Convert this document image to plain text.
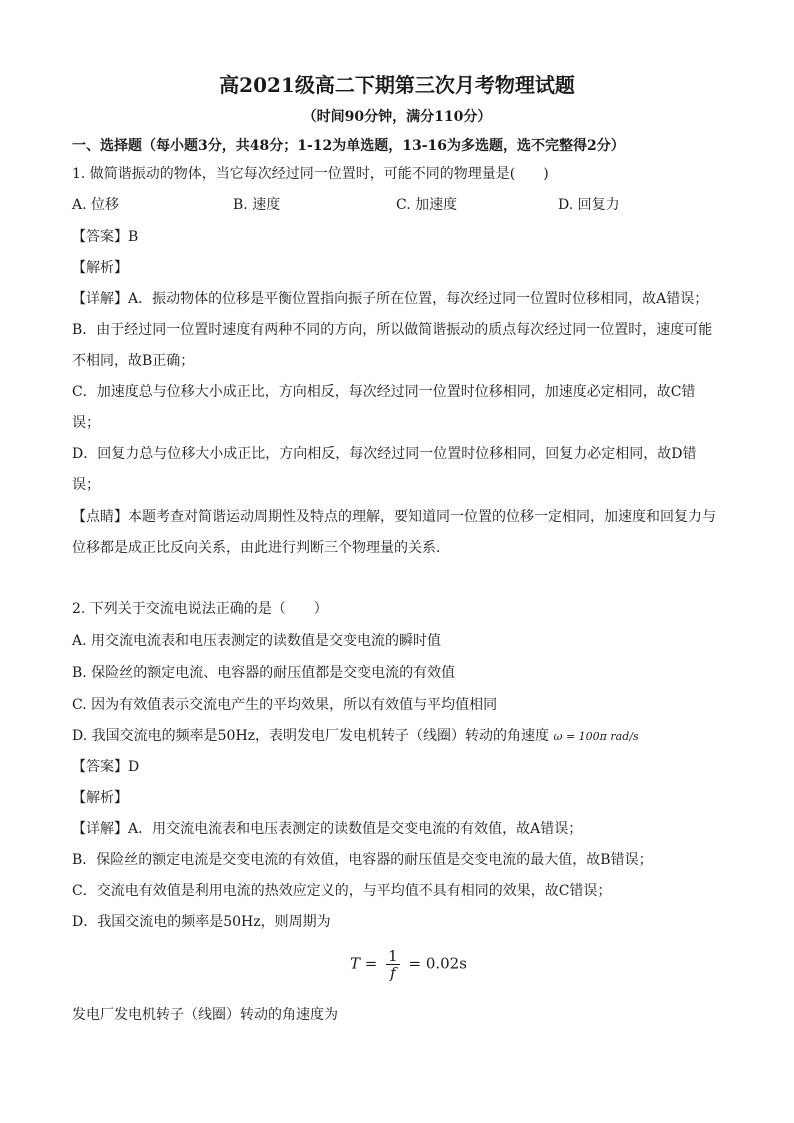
高2021级高二下期第三次月考物理试题
（时间90分钟，满分110分）
一、选择题（每小题3分，共48分；1-12为单选题，13-16为多选题，选不完整得2分）
1. 做简谐振动的物体，当它每次经过同一位置时，可能不同的物理量是(　　)
A. 位移	B. 速度	C. 加速度	D. 回复力
【答案】B
【解析】
【详解】A．振动物体的位移是平衡位置指向振子所在位置，每次经过同一位置时位移相同，故A错误；
B．由于经过同一位置时速度有两种不同的方向，所以做简谐振动的质点每次经过同一位置时，速度可能
不相同，故B正确；
C．加速度总与位移大小成正比，方向相反，每次经过同一位置时位移相同，加速度必定相同，故C错
误；
D．回复力总与位移大小成正比，方向相反，每次经过同一位置时位移相同，回复力必定相同，故D错
误；
【点睛】本题考查对简谐运动周期性及特点的理解，要知道同一位置的位移一定相同，加速度和回复力与
位移都是成正比反向关系，由此进行判断三个物理量的关系．
2. 下列关于交流电说法正确的是（　　）
A. 用交流电流表和电压表测定的读数值是交变电流的瞬时值
B. 保险丝的额定电流、电容器的耐压值都是交变电流的有效值
C. 因为有效值表示交流电产生的平均效果，所以有效值与平均值相同
D. 我国交流电的频率是50Hz，表明发电厂发电机转子（线圈）转动的角速度 ω = 100π rad/s
【答案】D
【解析】
【详解】A．用交流电流表和电压表测定的读数值是交变电流的有效值，故A错误；
B．保险丝的额定电流是交变电流的有效值，电容器的耐压值是交变电流的最大值，故B错误；
C．交流电有效值是利用电流的热效应定义的，与平均值不具有相同的效果，故C错误；
D．我国交流电的频率是50Hz，则周期为
$T = \frac{1}{f} = 0.02s$
发电厂发电机转子（线圈）转动的角速度为
